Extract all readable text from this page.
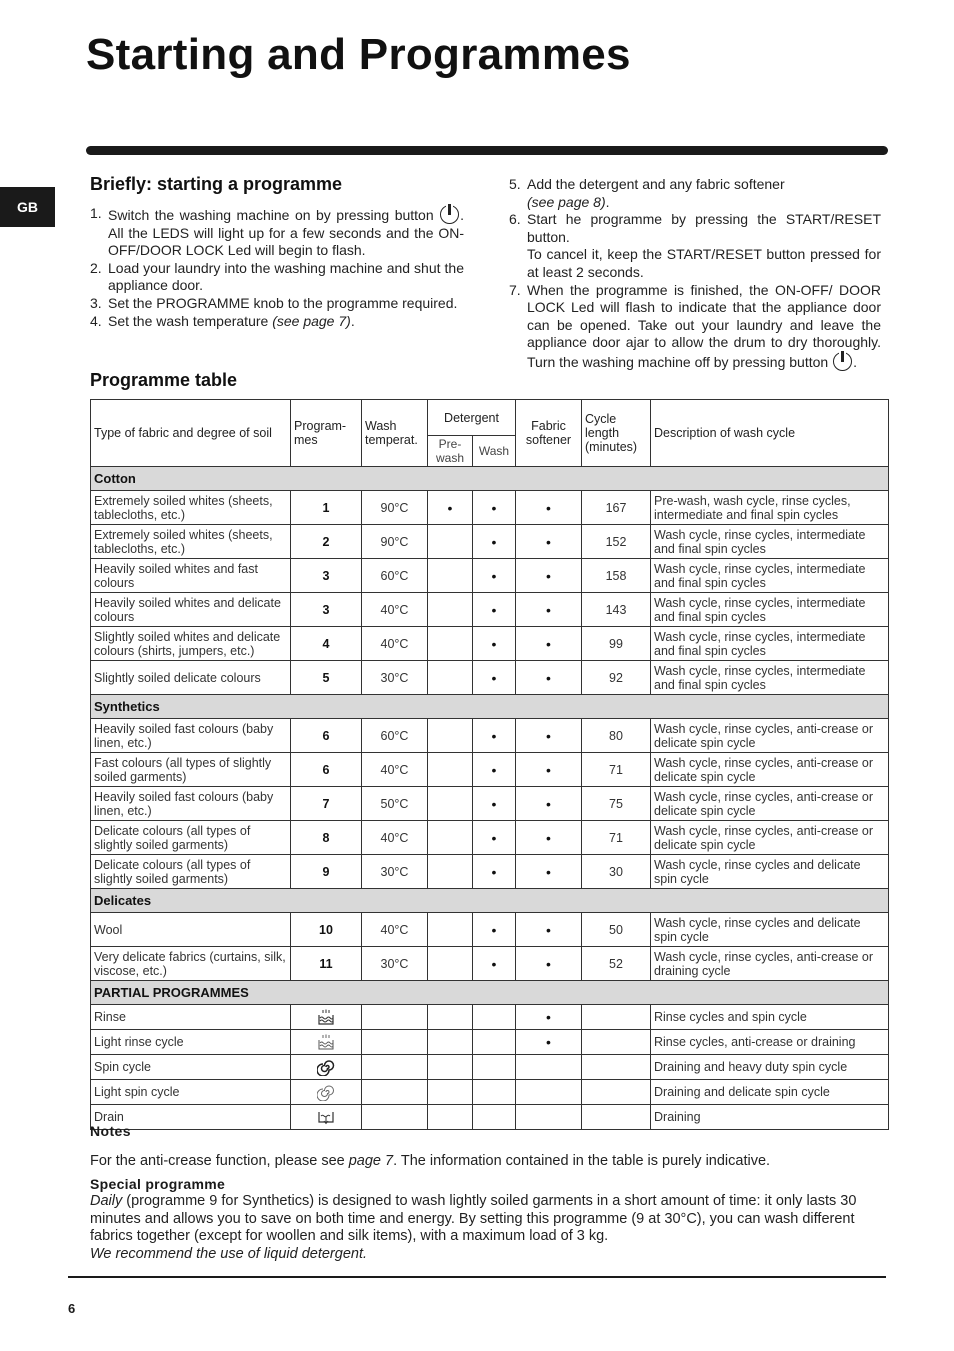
Starting and Programmes
GB
Briefly: starting a programme
1. Switch the washing machine on by pressing button . All the LEDS will light up for a few seconds and the ON-OFF/DOOR LOCK Led will begin to flash.
2. Load your laundry into the washing machine and shut the appliance door.
3. Set the PROGRAMME knob to the programme required.
4. Set the wash temperature (see page 7).
5. Add the detergent and any fabric softener
(see page 8).
6. Start he programme by pressing the START/RESET button.
To cancel it, keep the START/RESET button pressed for at least 2 seconds.
7. When the programme is finished, the ON-OFF/ DOOR LOCK Led will flash to indicate that the appliance door can be opened. Take out your laundry and leave the appliance door ajar to allow the drum to dry thoroughly. Turn the washing machine off by pressing button .
Programme table
Type of fabric and degree of soil	Program- mes	Wash temperat.	Detergent		Fabric softener	Cycle length (minutes)	Description of wash cycle
			Pre- wash	Wash			
Cotton							
Extremely soiled whites (sheets, tablecloths, etc.)	1	90°C	•	•	•	167	Pre-wash, wash cycle, rinse cycles, intermediate and final spin cycles
Extremely soiled whites (sheets, tablecloths, etc.)	2	90°C		•	•	152	Wash cycle, rinse cycles, intermediate and final spin cycles
Heavily soiled whites and fast colours	3	60°C		•	•	158	Wash cycle, rinse cycles, intermediate and final spin cycles
Heavily soiled whites and delicate colours	3	40°C		•	•	143	Wash cycle, rinse cycles, intermediate and final spin cycles
Slightly soiled whites and delicate colours (shirts, jumpers, etc.)	4	40°C		•	•	99	Wash cycle, rinse cycles, intermediate and final spin cycles
Slightly soiled delicate colours	5	30°C		•	•	92	Wash cycle, rinse cycles, intermediate and final spin cycles
Synthetics							
Heavily soiled fast colours (baby linen, etc.)	6	60°C		•	•	80	Wash cycle, rinse cycles, anti-crease or delicate spin cycle
Fast colours (all types of slightly soiled garments)	6	40°C		•	•	71	Wash cycle, rinse cycles, anti-crease or delicate spin cycle
Heavily soiled fast colours (baby linen, etc.)	7	50°C		•	•	75	Wash cycle, rinse cycles, anti-crease or delicate spin cycle
Delicate colours (all types of slightly soiled garments)	8	40°C		•	•	71	Wash cycle, rinse cycles, anti-crease or delicate spin cycle
Delicate colours (all types of slightly soiled garments)	9	30°C		•	•	30	Wash cycle, rinse cycles and delicate spin cycle
Delicates							
Wool	10	40°C		•	•	50	Wash cycle, rinse cycles and delicate spin cycle
Very delicate fabrics (curtains, silk, viscose, etc.)	11	30°C		•	•	52	Wash cycle, rinse cycles, anti-crease or draining cycle
PARTIAL PROGRAMMES							
Rinse					•		Rinse cycles and spin cycle
Light rinse cycle					•		Rinse cycles, anti-crease or draining
Spin cycle							Draining and heavy duty spin cycle
Light spin cycle							Draining and delicate spin cycle
Drain							Draining
Notes
For the anti-crease function, please see page 7. The information contained in the table is purely indicative.
Special programme
Daily (programme 9 for Synthetics) is designed to wash lightly soiled garments in a short amount of time: it only lasts 30 minutes and allows you to save on both time and energy. By setting this programme (9 at 30°C), you can wash different fabrics together (except for woollen and silk items), with a maximum load of 3 kg.
We recommend the use of liquid detergent.
6
